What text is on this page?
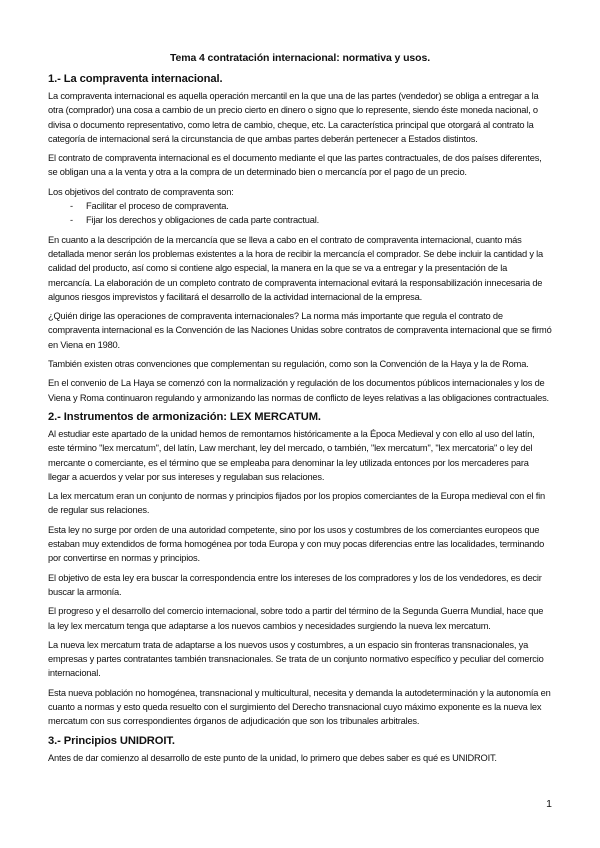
Tema 4 contratación internacional: normativa y usos.
1.- La compraventa internacional.

La compraventa internacional es aquella operación mercantil en la que una de las partes (vendedor) se obliga a entregar a la otra (comprador) una cosa a cambio de un precio cierto en dinero o signo que lo represente, siendo éste moneda nacional, o divisa o documento representativo, como letra de cambio, cheque, etc. La característica principal que otorgará al contrato la categoría de internacional será la circunstancia de que ambas partes deberán pertenecer a Estados distintos.

El contrato de compraventa internacional es el documento mediante el que las partes contractuales, de dos países diferentes, se obligan una a la venta y otra a la compra de un determinado bien o mercancía por el pago de un precio.

Los objetivos del contrato de compraventa son:

- Facilitar el proceso de compraventa.
- Fijar los derechos y obligaciones de cada parte contractual.

En cuanto a la descripción de la mercancía que se lleva a cabo en el contrato de compraventa internacional, cuanto más detallada menor serán los problemas existentes a la hora de recibir la mercancía el comprador. Se debe incluir la cantidad y la calidad del producto, así como si contiene algo especial, la manera en la que se va a entregar y la presentación de la mercancía. La elaboración de un completo contrato de compraventa internacional evitará la responsabilización innecesaria de algunos riesgos imprevistos y facilitará el desarrollo de la actividad internacional de la empresa.

¿Quién dirige las operaciones de compraventa internacionales? La norma más importante que regula el contrato de compraventa internacional es la Convención de las Naciones Unidas sobre contratos de compraventa internacional que se firmó en Viena en 1980.

También existen otras convenciones que complementan su regulación, como son la Convención de la Haya y la de Roma.

En el convenio de La Haya se comenzó con la normalización y regulación de los documentos públicos internacionales y los de Viena y Roma continuaron regulando y armonizando las normas de conflicto de leyes relativas a las obligaciones contractuales.

2.- Instrumentos de armonización: LEX MERCATUM.

Al estudiar este apartado de la unidad hemos de remontarnos históricamente a la Época Medieval y con ello al uso del latín, este término "lex mercatum", del latín, Law merchant, ley del mercado, o también, "lex mercatum", "lex mercatoria" o ley del mercante o comerciante, es el término que se empleaba para denominar la ley utilizada entonces por los mercaderes para llegar a acuerdos y velar por sus intereses y regulaban sus relaciones.

La lex mercatum eran un conjunto de normas y principios fijados por los propios comerciantes de la Europa medieval con el fin de regular sus relaciones.

Esta ley no surge por orden de una autoridad competente, sino por los usos y costumbres de los comerciantes europeos que estaban muy extendidos de forma homogénea por toda Europa y con muy pocas diferencias entre las localidades, terminando por convertirse en normas y principios.

El objetivo de esta ley era buscar la correspondencia entre los intereses de los compradores y los de los vendedores, es decir buscar la armonía.

El progreso y el desarrollo del comercio internacional, sobre todo a partir del término de la Segunda Guerra Mundial, hace que la ley lex mercatum tenga que adaptarse a los nuevos cambios y necesidades surgiendo la nueva lex mercatum.

La nueva lex mercatum trata de adaptarse a los nuevos usos y costumbres, a un espacio sin fronteras transnacionales, ya empresas y partes contratantes también transnacionales. Se trata de un conjunto normativo específico y peculiar del comercio internacional.

Esta nueva población no homogénea, transnacional y multicultural, necesita y demanda la autodeterminación y la autonomía en cuanto a normas y esto queda resuelto con el surgimiento del Derecho transnacional cuyo máximo exponente es la nueva lex mercatum con sus correspondientes órganos de adjudicación que son los tribunales arbitrales.

3.- Principios UNIDROIT.

Antes de dar comienzo al desarrollo de este punto de la unidad, lo primero que debes saber es qué es UNIDROIT.

1
